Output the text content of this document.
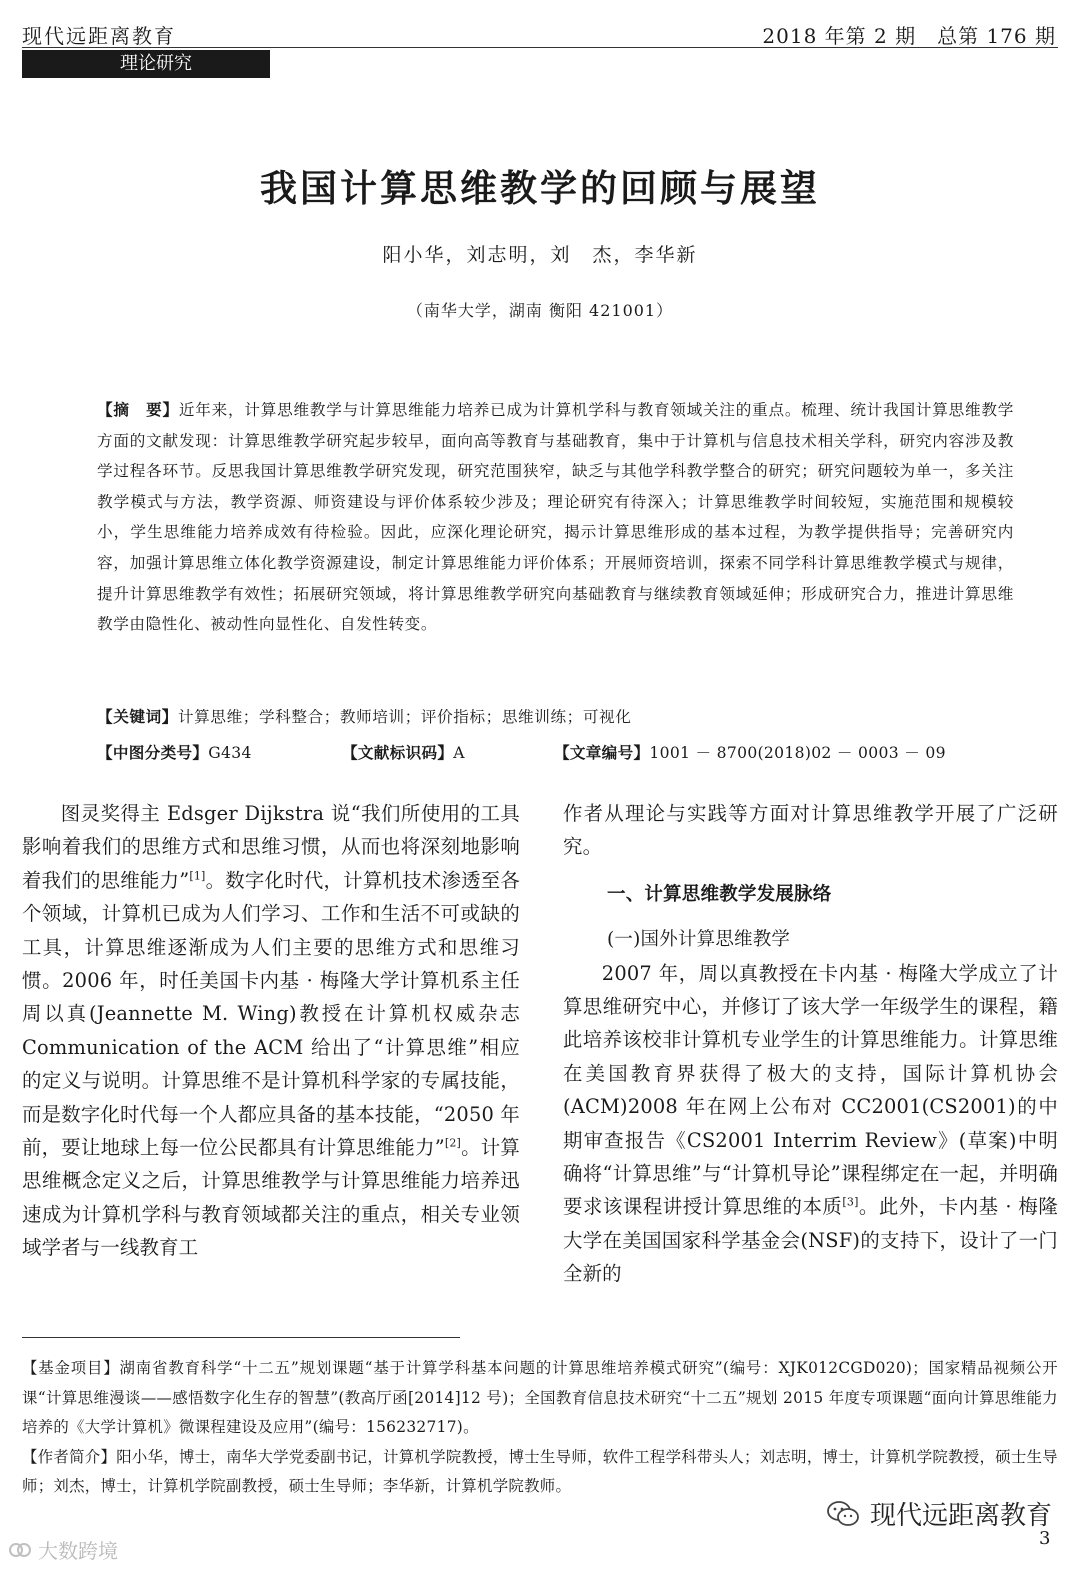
现代远距离教育	2018 年第 2 期　总第 176 期
理论研究
我国计算思维教学的回顾与展望
阳小华，刘志明，刘　杰，李华新
（南华大学，湖南 衡阳 421001）
【摘　要】近年来，计算思维教学与计算思维能力培养已成为计算机学科与教育领域关注的重点。梳理、统计我国计算思维教学方面的文献发现：计算思维教学研究起步较早，面向高等教育与基础教育，集中于计算机与信息技术相关学科，研究内容涉及教学过程各环节。反思我国计算思维教学研究发现，研究范围狭窄，缺乏与其他学科教学整合的研究；研究问题较为单一，多关注教学模式与方法，教学资源、师资建设与评价体系较少涉及；理论研究有待深入；计算思维教学时间较短，实施范围和规模较小，学生思维能力培养成效有待检验。因此，应深化理论研究，揭示计算思维形成的基本过程，为教学提供指导；完善研究内容，加强计算思维立体化教学资源建设，制定计算思维能力评价体系；开展师资培训，探索不同学科计算思维教学模式与规律，提升计算思维教学有效性；拓展研究领域，将计算思维教学研究向基础教育与继续教育领域延伸；形成研究合力，推进计算思维教学由隐性化、被动性向显性化、自发性转变。
【关键词】计算思维；学科整合；教师培训；评价指标；思维训练；可视化
【中图分类号】G434	【文献标识码】A	【文章编号】1001 － 8700(2018)02 － 0003 － 09

图灵奖得主 Edsger Dijkstra 说“我们所使用的工具影响着我们的思维方式和思维习惯，从而也将深刻地影响着我们的思维能力”[1]。数字化时代，计算机技术渗透至各个领域，计算机已成为人们学习、工作和生活不可或缺的工具，计算思维逐渐成为人们主要的思维方式和思维习惯。2006 年，时任美国卡内基 · 梅隆大学计算机系主任周以真(Jeannette M. Wing)教授在计算机权威杂志 Communication of the ACM 给出了“计算思维”相应的定义与说明。计算思维不是计算机科学家的专属技能，而是数字化时代每一个人都应具备的基本技能，“2050 年前，要让地球上每一位公民都具有计算思维能力”[2]。计算思维概念定义之后，计算思维教学与计算思维能力培养迅速成为计算机学科与教育领域都关注的重点，相关专业领域学者与一线教育工

作者从理论与实践等方面对计算思维教学开展了广泛研究。

一、计算思维教学发展脉络
(一)国外计算思维教学

2007 年，周以真教授在卡内基 · 梅隆大学成立了计算思维研究中心，并修订了该大学一年级学生的课程，籍此培养该校非计算机专业学生的计算思维能力。计算思维在美国教育界获得了极大的支持，国际计算机协会(ACM)2008 年在网上公布对 CC2001(CS2001)的中期审查报告《CS2001 Interrim Review》(草案)中明确将“计算思维”与“计算机导论”课程绑定在一起，并明确要求该课程讲授计算思维的本质[3]。此外，卡内基 · 梅隆大学在美国国家科学基金会(NSF)的支持下，设计了一门全新的

【基金项目】湖南省教育科学“十二五”规划课题“基于计算学科基本问题的计算思维培养模式研究”(编号：XJK012CGD020)；国家精品视频公开课“计算思维漫谈——感悟数字化生存的智慧”(教高厅函[2014]12 号)；全国教育信息技术研究“十二五”规划 2015 年度专项课题“面向计算思维能力培养的《大学计算机》微课程建设及应用”(编号：156232717)。

【作者简介】阳小华，博士，南华大学党委副书记，计算机学院教授，博士生导师，软件工程学科带头人；刘志明，博士，计算机学院教授，硕士生导师；刘杰，博士，计算机学院副教授，硕士生导师；李华新，计算机学院教师。

大数跨境
现代远距离教育
3
